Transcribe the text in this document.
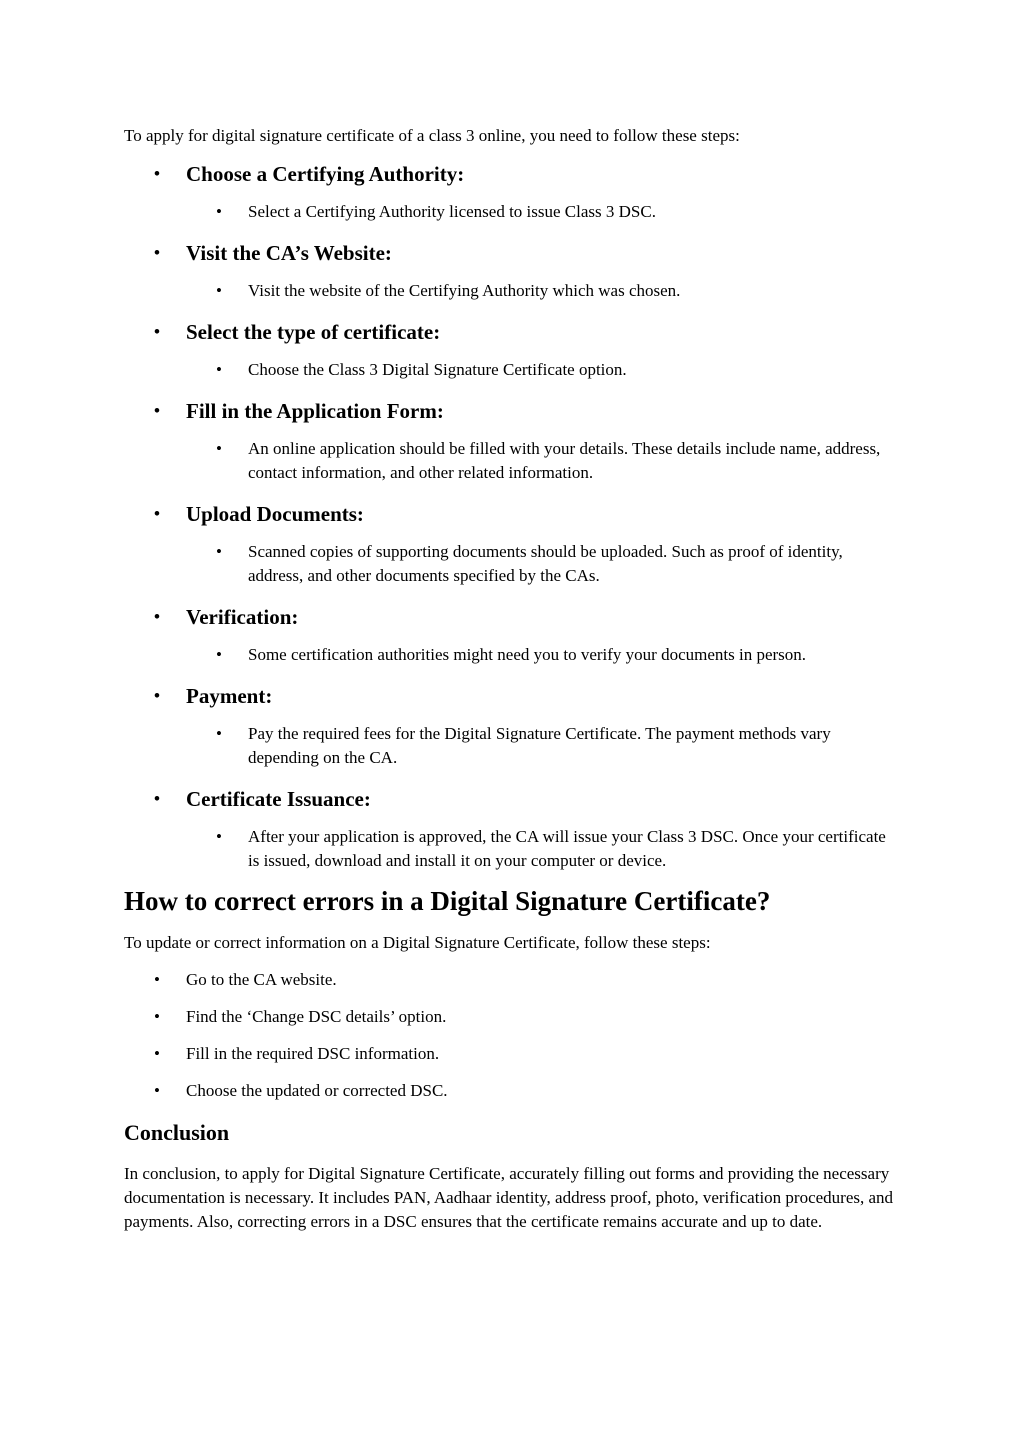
To apply for digital signature certificate of a class 3 online, you need to follow these steps:
• Choose a Certifying Authority:
• Select a Certifying Authority licensed to issue Class 3 DSC.
• Visit the CA’s Website:
• Visit the website of the Certifying Authority which was chosen.
• Select the type of certificate:
• Choose the Class 3 Digital Signature Certificate option.
• Fill in the Application Form:
• An online application should be filled with your details. These details include name, address, contact information, and other related information.
• Upload Documents:
• Scanned copies of supporting documents should be uploaded. Such as proof of identity, address, and other documents specified by the CAs.
• Verification:
• Some certification authorities might need you to verify your documents in person.
• Payment:
• Pay the required fees for the Digital Signature Certificate. The payment methods vary depending on the CA.
• Certificate Issuance:
• After your application is approved, the CA will issue your Class 3 DSC. Once your certificate is issued, download and install it on your computer or device.
How to correct errors in a Digital Signature Certificate?
To update or correct information on a Digital Signature Certificate, follow these steps:
• Go to the CA website.
• Find the ‘Change DSC details’ option.
• Fill in the required DSC information.
• Choose the updated or corrected DSC.
Conclusion
In conclusion, to apply for Digital Signature Certificate, accurately filling out forms and providing the necessary documentation is necessary. It includes PAN, Aadhaar identity, address proof, photo, verification procedures, and payments. Also, correcting errors in a DSC ensures that the certificate remains accurate and up to date.
